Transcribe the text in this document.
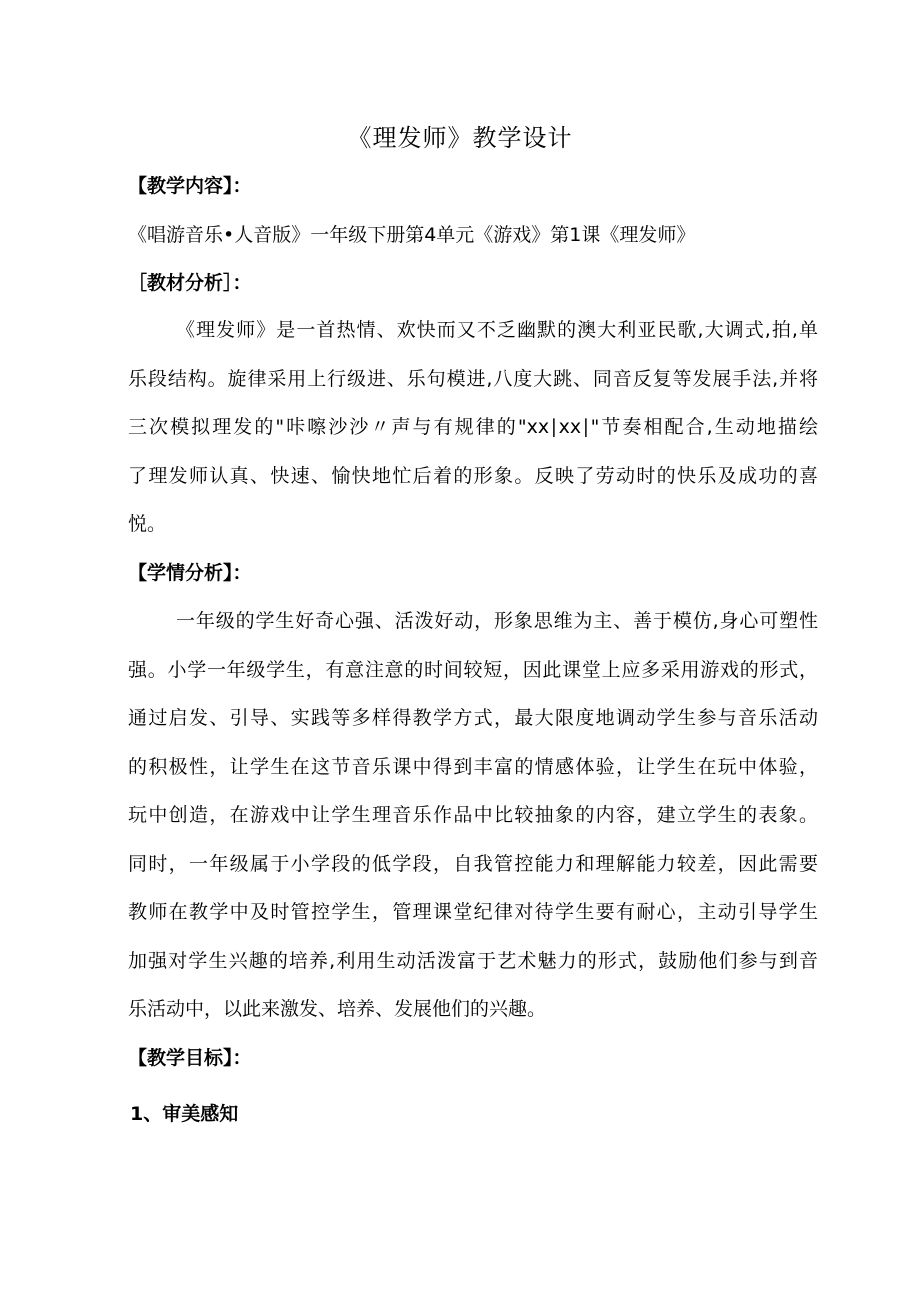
《理发师》教学设计
【教学内容】：
《唱游音乐•人音版》一年级下册第4单元《游戏》第1课《理发师》
［教材分析］：
《理发师》是一首热情、欢快而又不乏幽默的澳大利亚民歌,大调式,拍,单
乐段结构。旋律采用上行级进、乐句模进,八度大跳、同音反复等发展手法,并将
三次模拟理发的"咔嚓沙沙〃声与有规律的"xx∣xx∣"节奏相配合,生动地描绘
了理发师认真、快速、愉快地忙后着的形象。反映了劳动时的快乐及成功的喜
悦。
【学情分析】：
一年级的学生好奇心强、活泼好动，形象思维为主、善于模仿,身心可塑性
强。小学一年级学生，有意注意的时间较短，因此课堂上应多采用游戏的形式，
通过启发、引导、实践等多样得教学方式，最大限度地调动学生参与音乐活动
的积极性，让学生在这节音乐课中得到丰富的情感体验，让学生在玩中体验，
玩中创造，在游戏中让学生理音乐作品中比较抽象的内容，建立学生的表象。
同时，一年级属于小学段的低学段，自我管控能力和理解能力较差，因此需要
教师在教学中及时管控学生，管理课堂纪律对待学生要有耐心，主动引导学生
加强对学生兴趣的培养,利用生动活泼富于艺术魅力的形式，鼓励他们参与到音
乐活动中，以此来激发、培养、发展他们的兴趣。
【教学目标】：
1、审美感知
